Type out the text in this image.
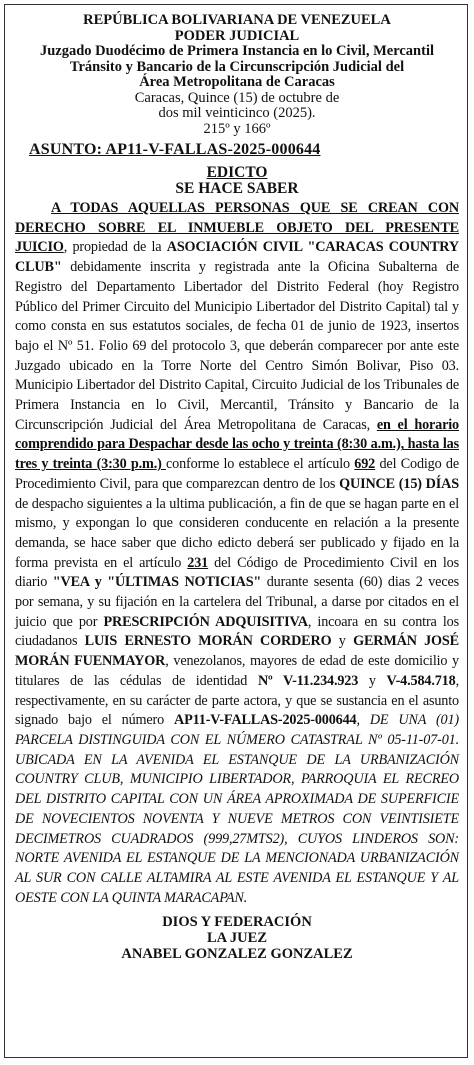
REPÚBLICA BOLIVARIANA DE VENEZUELA
PODER JUDICIAL
Juzgado Duodécimo de Primera Instancia en lo Civil, Mercantil
Tránsito y Bancario de la Circunscripción Judicial del
Área Metropolitana de Caracas
Caracas, Quince (15) de octubre de
dos mil veinticinco (2025).
215º y 166º
ASUNTO: AP11-V-FALLAS-2025-000644
EDICTO
SE HACE SABER
A TODAS AQUELLAS PERSONAS QUE SE CREAN CON DERECHO SOBRE EL INMUEBLE OBJETO DEL PRESENTE JUICIO, propiedad de la ASOCIACIÓN CIVIL "CARACAS COUNTRY CLUB" debidamente inscrita y registrada ante la Oficina Subalterna de Registro del Departamento Libertador del Distrito Federal (hoy Registro Público del Primer Circuito del Municipio Libertador del Distrito Capital) tal y como consta en sus estatutos sociales, de fecha 01 de junio de 1923, insertos bajo el Nº 51. Folio 69 del protocolo 3, que deberán comparecer por ante este Juzgado ubicado en la Torre Norte del Centro Simón Bolivar, Piso 03. Municipio Libertador del Distrito Capital, Circuito Judicial de los Tribunales de Primera Instancia en lo Civil, Mercantil, Tránsito y Bancario de la Circunscripción Judicial del Área Metropolitana de Caracas, en el horario comprendido para Despachar desde las ocho y treinta (8:30 a.m.), hasta las tres y treinta (3:30 p.m.) conforme lo establece el artículo 692 del Codigo de Procedimiento Civil, para que comparezcan dentro de los QUINCE (15) DÍAS de despacho siguientes a la ultima publicación, a fin de que se hagan parte en el mismo, y expongan lo que consideren conducente en relación a la presente demanda, se hace saber que dicho edicto deberá ser publicado y fijado en la forma prevista en el artículo 231 del Código de Procedimiento Civil en los diario "VEA y "ÚLTIMAS NOTICIAS" durante sesenta (60) dias 2 veces por semana, y su fijación en la cartelera del Tribunal, a darse por citados en el juicio que por PRESCRIPCIÓN ADQUISITIVA, incoara en su contra los ciudadanos LUIS ERNESTO MORÁN CORDERO y GERMÁN JOSÉ MORÁN FUENMAYOR, venezolanos, mayores de edad de este domicilio y titulares de las cédulas de identidad Nº V-11.234.923 y V-4.584.718, respectivamente, en su carácter de parte actora, y que se sustancia en el asunto signado bajo el número AP11-V-FALLAS-2025-000644, DE UNA (01) PARCELA DISTINGUIDA CON EL NÚMERO CATASTRAL Nº 05-11-07-01. UBICADA EN LA AVENIDA EL ESTANQUE DE LA URBANIZACIÓN COUNTRY CLUB, MUNICIPIO LIBERTADOR, PARROQUIA EL RECREO DEL DISTRITO CAPITAL CON UN ÁREA APROXIMADA DE SUPERFICIE DE NOVECIENTOS NOVENTA Y NUEVE METROS CON VEINTISIETE DECIMETROS CUADRADOS (999,27MTS2), CUYOS LINDEROS SON: NORTE AVENIDA EL ESTANQUE DE LA MENCIONADA URBANIZACIÓN AL SUR CON CALLE ALTAMIRA AL ESTE AVENIDA EL ESTANQUE Y AL OESTE CON LA QUINTA MARACAPAN.
DIOS Y FEDERACIÓN
LA JUEZ
ANABEL GONZALEZ GONZALEZ
